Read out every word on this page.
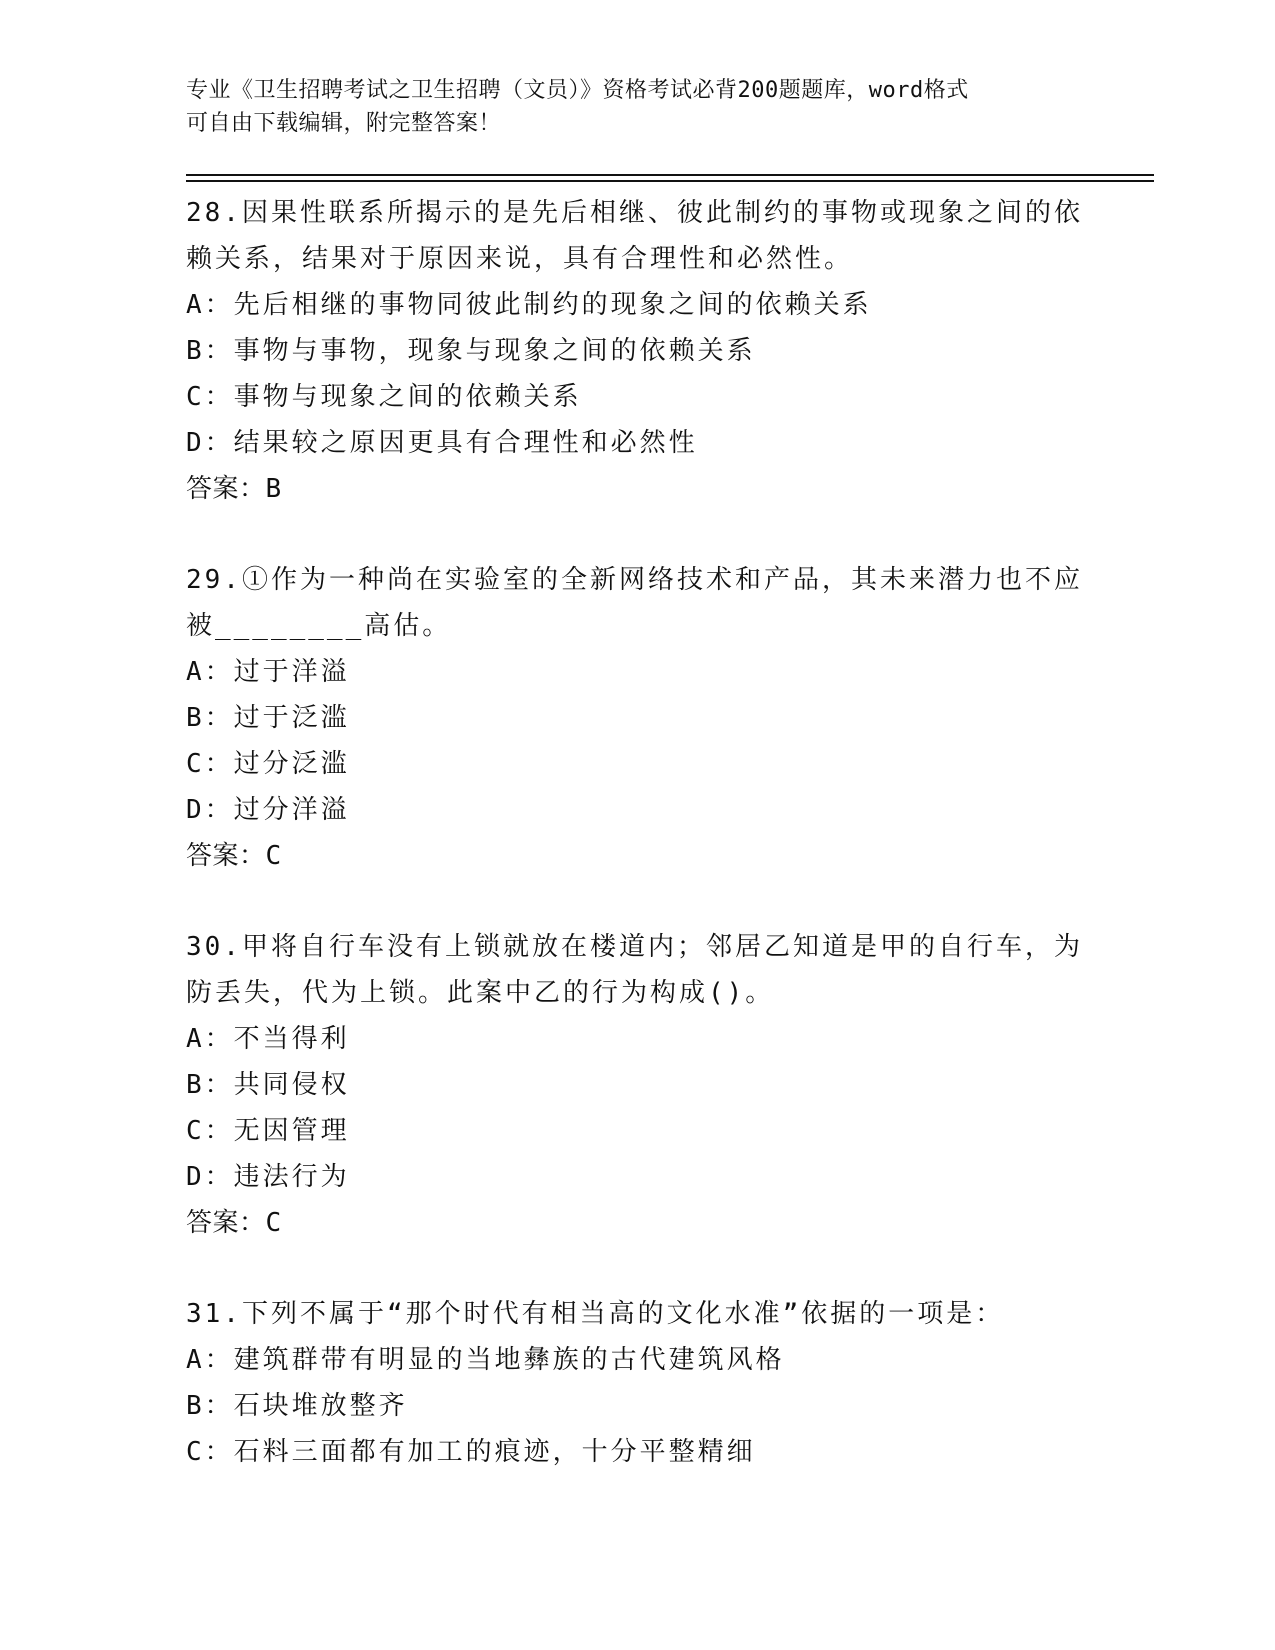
专业《卫生招聘考试之卫生招聘（文员）》资格考试必背200题题库，word格式
可自由下载编辑，附完整答案！

28.因果性联系所揭示的是先后相继、彼此制约的事物或现象之间的依

赖关系，结果对于原因来说，具有合理性和必然性。

A：先后相继的事物同彼此制约的现象之间的依赖关系

B：事物与事物，现象与现象之间的依赖关系

C：事物与现象之间的依赖关系

D：结果较之原因更具有合理性和必然性

答案：B

29.①作为一种尚在实验室的全新网络技术和产品，其未来潜力也不应

被________高估。

A：过于洋溢

B：过于泛滥

C：过分泛滥

D：过分洋溢

答案：C

30.甲将自行车没有上锁就放在楼道内；邻居乙知道是甲的自行车，为

防丢失，代为上锁。此案中乙的行为构成()。

A：不当得利

B：共同侵权

C：无因管理

D：违法行为

答案：C

31.下列不属于“那个时代有相当高的文化水准”依据的一项是：

A：建筑群带有明显的当地彝族的古代建筑风格

B：石块堆放整齐

C：石料三面都有加工的痕迹，十分平整精细
